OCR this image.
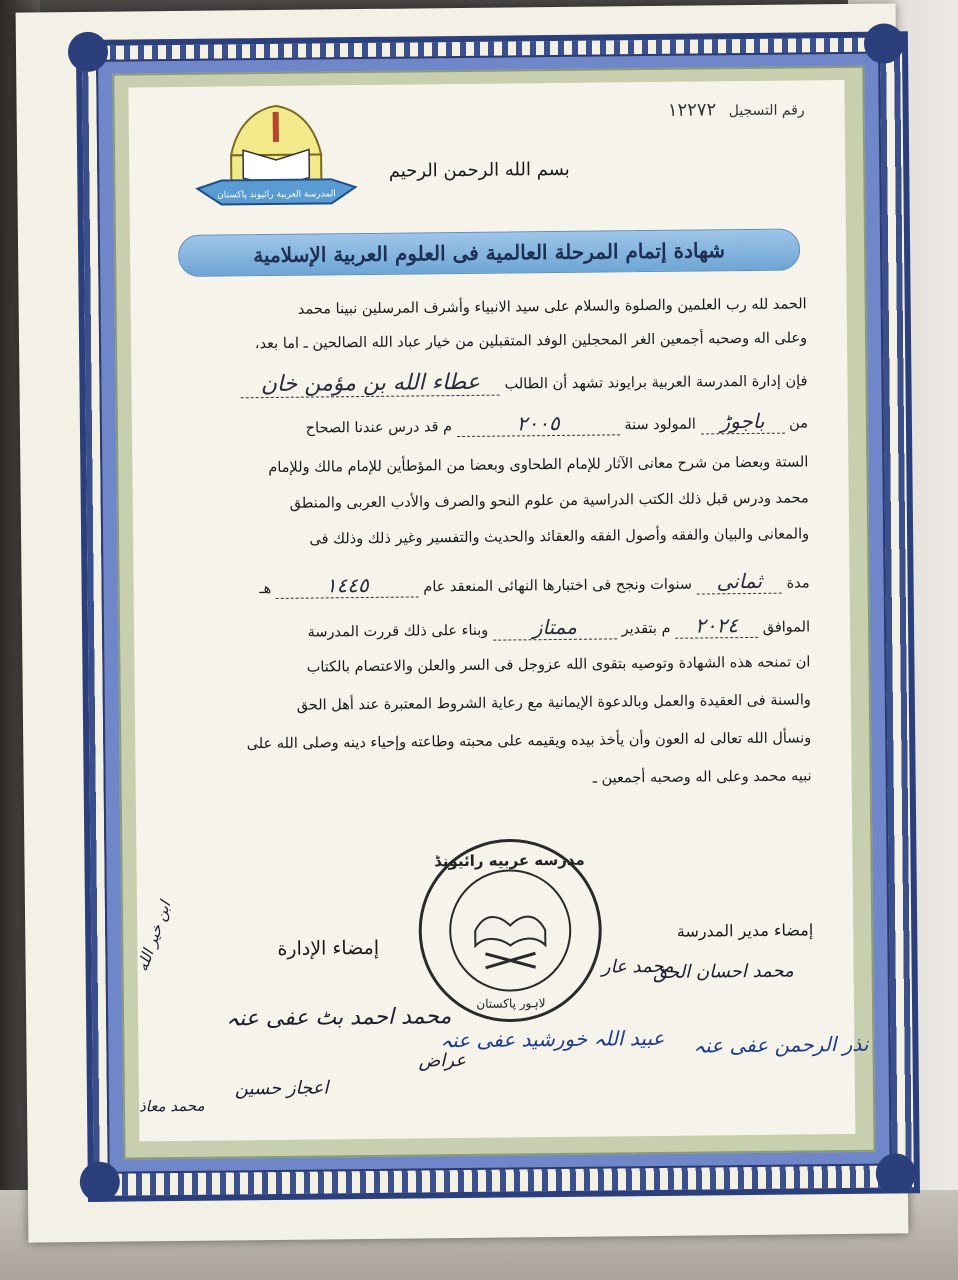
رقم التسجيل ١٢٢٧٢
المدرسة العربية رائيوند پاکستان
بسم الله الرحمن الرحيم
شهادة إتمام المرحلة العالمية فى العلوم العربية الإسلامية
الحمد لله رب العلمين والصلوة والسلام على سيد الانبياء وأشرف المرسلين نبينا محمد
وعلى اله وصحبه أجمعين الغر المحجلين الوفد المتقبلين من خيار عباد الله الصالحين ـ اما بعد،
فإن إدارة المدرسة العربية برايوند تشهد أن الطالب عطاء الله بن مؤمن خان
من باجوڑ المولود سنة ٢٠٠٥ م قد درس عندنا الصحاح
الستة وبعضا من شرح معانى الآثار للإمام الطحاوى وبعضا من المؤطأين للإمام مالك وللإمام
محمد ودرس قبل ذلك الكتب الدراسية من علوم النحو والصرف والأدب العربى والمنطق
والمعانى والبيان والفقه وأصول الفقه والعقائد والحديث والتفسير وغير ذلك وذلك فى
مدة ثمانى سنوات ونجح فى اختبارها النهائى المنعقد عام ١٤٤٥ هـ
الموافق ٢٠٢٤ م بتقدير ممتاز وبناء على ذلك قررت المدرسة
ان تمنحه هذه الشهادة وتوصيه بتقوى الله عزوجل فى السر والعلن والاعتصام بالكتاب
والسنة فى العقيدة والعمل وبالدعوة الإيمانية مع رعاية الشروط المعتبرة عند أهل الحق
ونسأل الله تعالى له العون وأن يأخذ بيده ويقيمه على محبته وطاعته وإحياء دينه وصلى الله على
نبيه محمد وعلى اله وصحبه أجمعين ـ
مدرسه عربيه رائيونڈ
لاہور پاکستان
إمضاء مدير المدرسة
إمضاء الإدارة
محمد احسان الحق
محمد عار
محمد احمد بٹ عفی عنہ
نذر الرحمن عفی عنہ
عبید اللہ خورشید عفی عنہ
اعجاز حسین
عراض
محمد معاذ
ابن خیر الله
